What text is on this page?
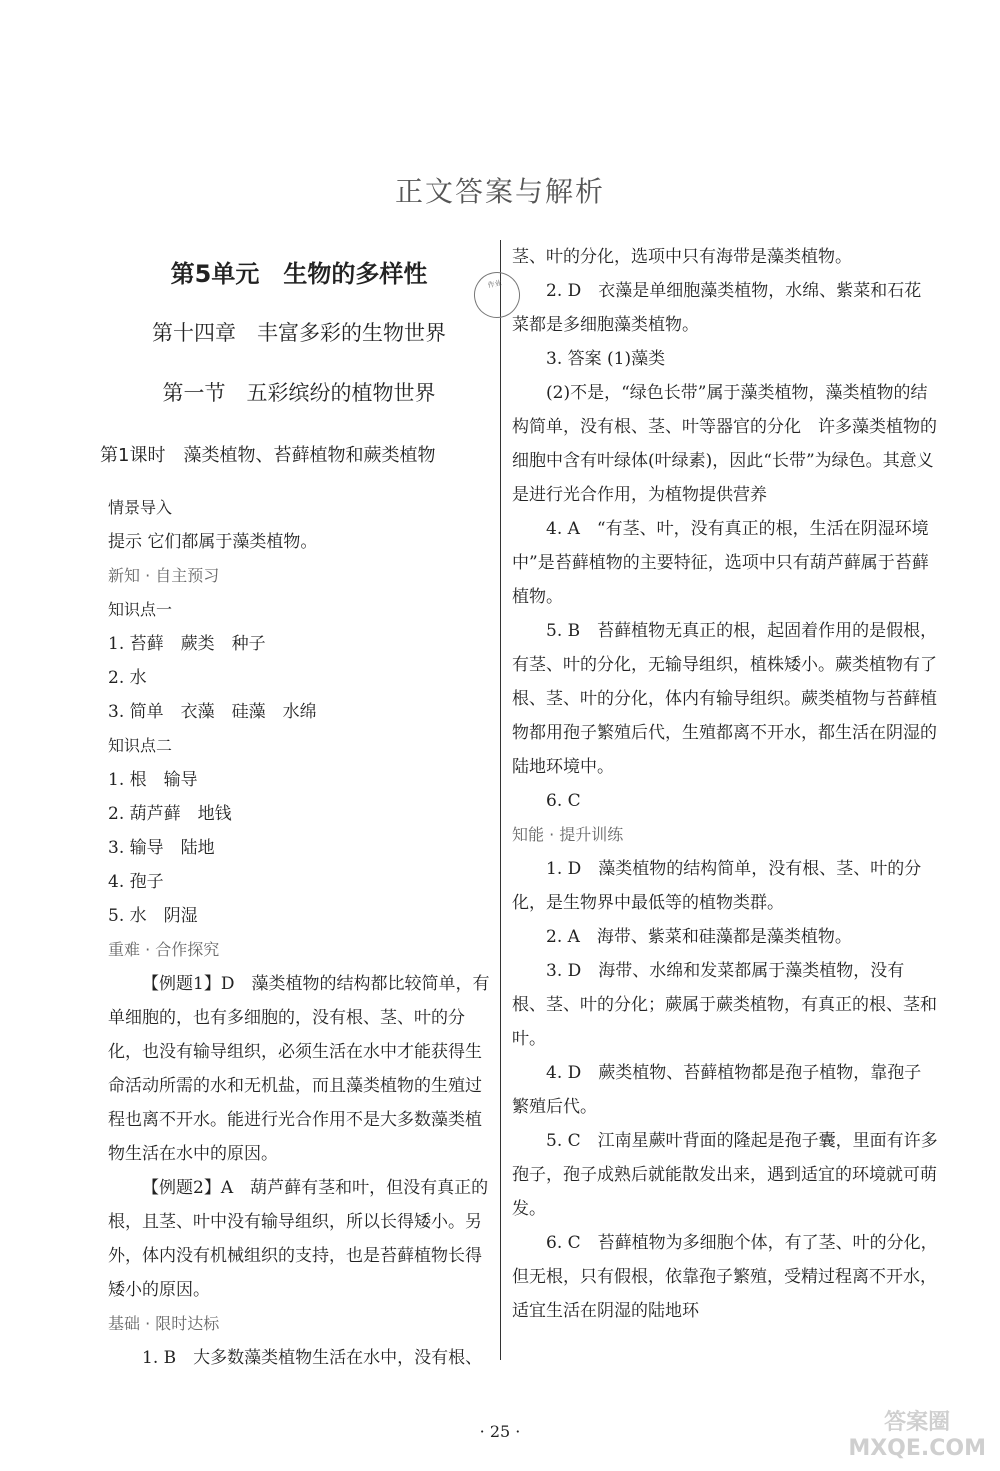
正文答案与解析
第5单元　生物的多样性
第十四章　丰富多彩的生物世界
第一节　五彩缤纷的植物世界
第1课时　藻类植物、苔藓植物和蕨类植物

情景导入

提示 它们都属于藻类植物。

新知 · 自主预习

知识点一

1. 苔藓　蕨类　种子

2. 水

3. 简单　衣藻　硅藻　水绵

知识点二

1. 根　输导

2. 葫芦藓　地钱

3. 输导　陆地

4. 孢子

5. 水　阴湿

重难 · 合作探究

【例题1】D　藻类植物的结构都比较简单，有单细胞的，也有多细胞的，没有根、茎、叶的分化，也没有输导组织，必须生活在水中才能获得生命活动所需的水和无机盐，而且藻类植物的生殖过程也离不开水。能进行光合作用不是大多数藻类植物生活在水中的原因。

【例题2】A　葫芦藓有茎和叶，但没有真正的根，且茎、叶中没有输导组织，所以长得矮小。另外，体内没有机械组织的支持，也是苔藓植物长得矮小的原因。

基础 · 限时达标

1. B　大多数藻类植物生活在水中，没有根、

茎、叶的分化，选项中只有海带是藻类植物。

2. D　衣藻是单细胞藻类植物，水绵、紫菜和石花菜都是多细胞藻类植物。

3. 答案 (1)藻类

(2)不是，“绿色长带”属于藻类植物，藻类植物的结构简单，没有根、茎、叶等器官的分化　许多藻类植物的细胞中含有叶绿体(叶绿素)，因此“长带”为绿色。其意义是进行光合作用，为植物提供营养

4. A　“有茎、叶，没有真正的根，生活在阴湿环境中”是苔藓植物的主要特征，选项中只有葫芦藓属于苔藓植物。

5. B　苔藓植物无真正的根，起固着作用的是假根，有茎、叶的分化，无输导组织，植株矮小。蕨类植物有了根、茎、叶的分化，体内有输导组织。蕨类植物与苔藓植物都用孢子繁殖后代，生殖都离不开水，都生活在阴湿的陆地环境中。

6. C

知能 · 提升训练

1. D　藻类植物的结构简单，没有根、茎、叶的分化，是生物界中最低等的植物类群。

2. A　海带、紫菜和硅藻都是藻类植物。

3. D　海带、水绵和发菜都属于藻类植物，没有根、茎、叶的分化；蕨属于蕨类植物，有真正的根、茎和叶。

4. D　蕨类植物、苔藓植物都是孢子植物，靠孢子繁殖后代。

5. C　江南星蕨叶背面的隆起是孢子囊，里面有许多孢子，孢子成熟后就能散发出来，遇到适宜的环境就可萌发。

6. C　苔藓植物为多细胞个体，有了茎、叶的分化，但无根，只有假根，依靠孢子繁殖，受精过程离不开水，适宜生活在阴湿的陆地环

作业
· 25 ·	答案圈
MXQE.COM
